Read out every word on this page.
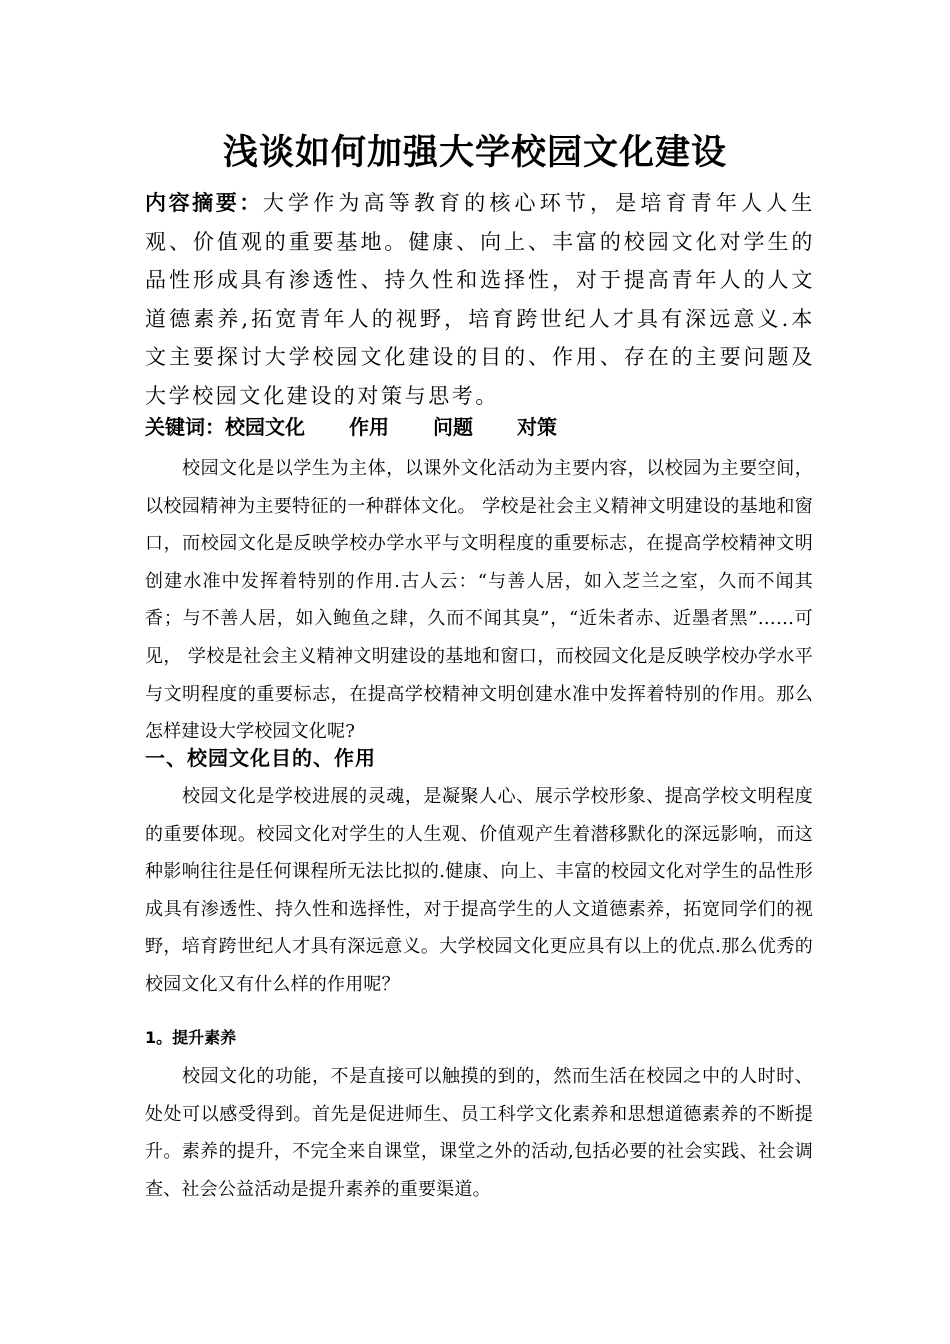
浅谈如何加强大学校园文化建设

内容摘要：大学作为高等教育的核心环节，是培育青年人人生观、价值观的重要基地。健康、向上、丰富的校园文化对学生的品性形成具有渗透性、持久性和选择性，对于提高青年人的人文道德素养,拓宽青年人的视野，培育跨世纪人才具有深远意义.本文主要探讨大学校园文化建设的目的、作用、存在的主要问题及大学校园文化建设的对策与思考。

关键词：校园文化 作用 问题 对策

校园文化是以学生为主体，以课外文化活动为主要内容，以校园为主要空间，以校园精神为主要特征的一种群体文化。 学校是社会主义精神文明建设的基地和窗口，而校园文化是反映学校办学水平与文明程度的重要标志，在提高学校精神文明创建水准中发挥着特别的作用.古人云：“与善人居，如入芝兰之室，久而不闻其香；与不善人居，如入鲍鱼之肆，久而不闻其臭”，“近朱者赤、近墨者黑”……可见， 学校是社会主义精神文明建设的基地和窗口，而校园文化是反映学校办学水平与文明程度的重要标志，在提高学校精神文明创建水准中发挥着特别的作用。那么怎样建设大学校园文化呢?

一、校园文化目的、作用

校园文化是学校进展的灵魂，是凝聚人心、展示学校形象、提高学校文明程度的重要体现。校园文化对学生的人生观、价值观产生着潜移默化的深远影响，而这种影响往往是任何课程所无法比拟的.健康、向上、丰富的校园文化对学生的品性形成具有渗透性、持久性和选择性，对于提高学生的人文道德素养，拓宽同学们的视野，培育跨世纪人才具有深远意义。大学校园文化更应具有以上的优点.那么优秀的校园文化又有什么样的作用呢？

1。提升素养

校园文化的功能，不是直接可以触摸的到的，然而生活在校园之中的人时时、处处可以感受得到。首先是促进师生、员工科学文化素养和思想道德素养的不断提升。素养的提升，不完全来自课堂，课堂之外的活动,包括必要的社会实践、社会调查、社会公益活动是提升素养的重要渠道。
